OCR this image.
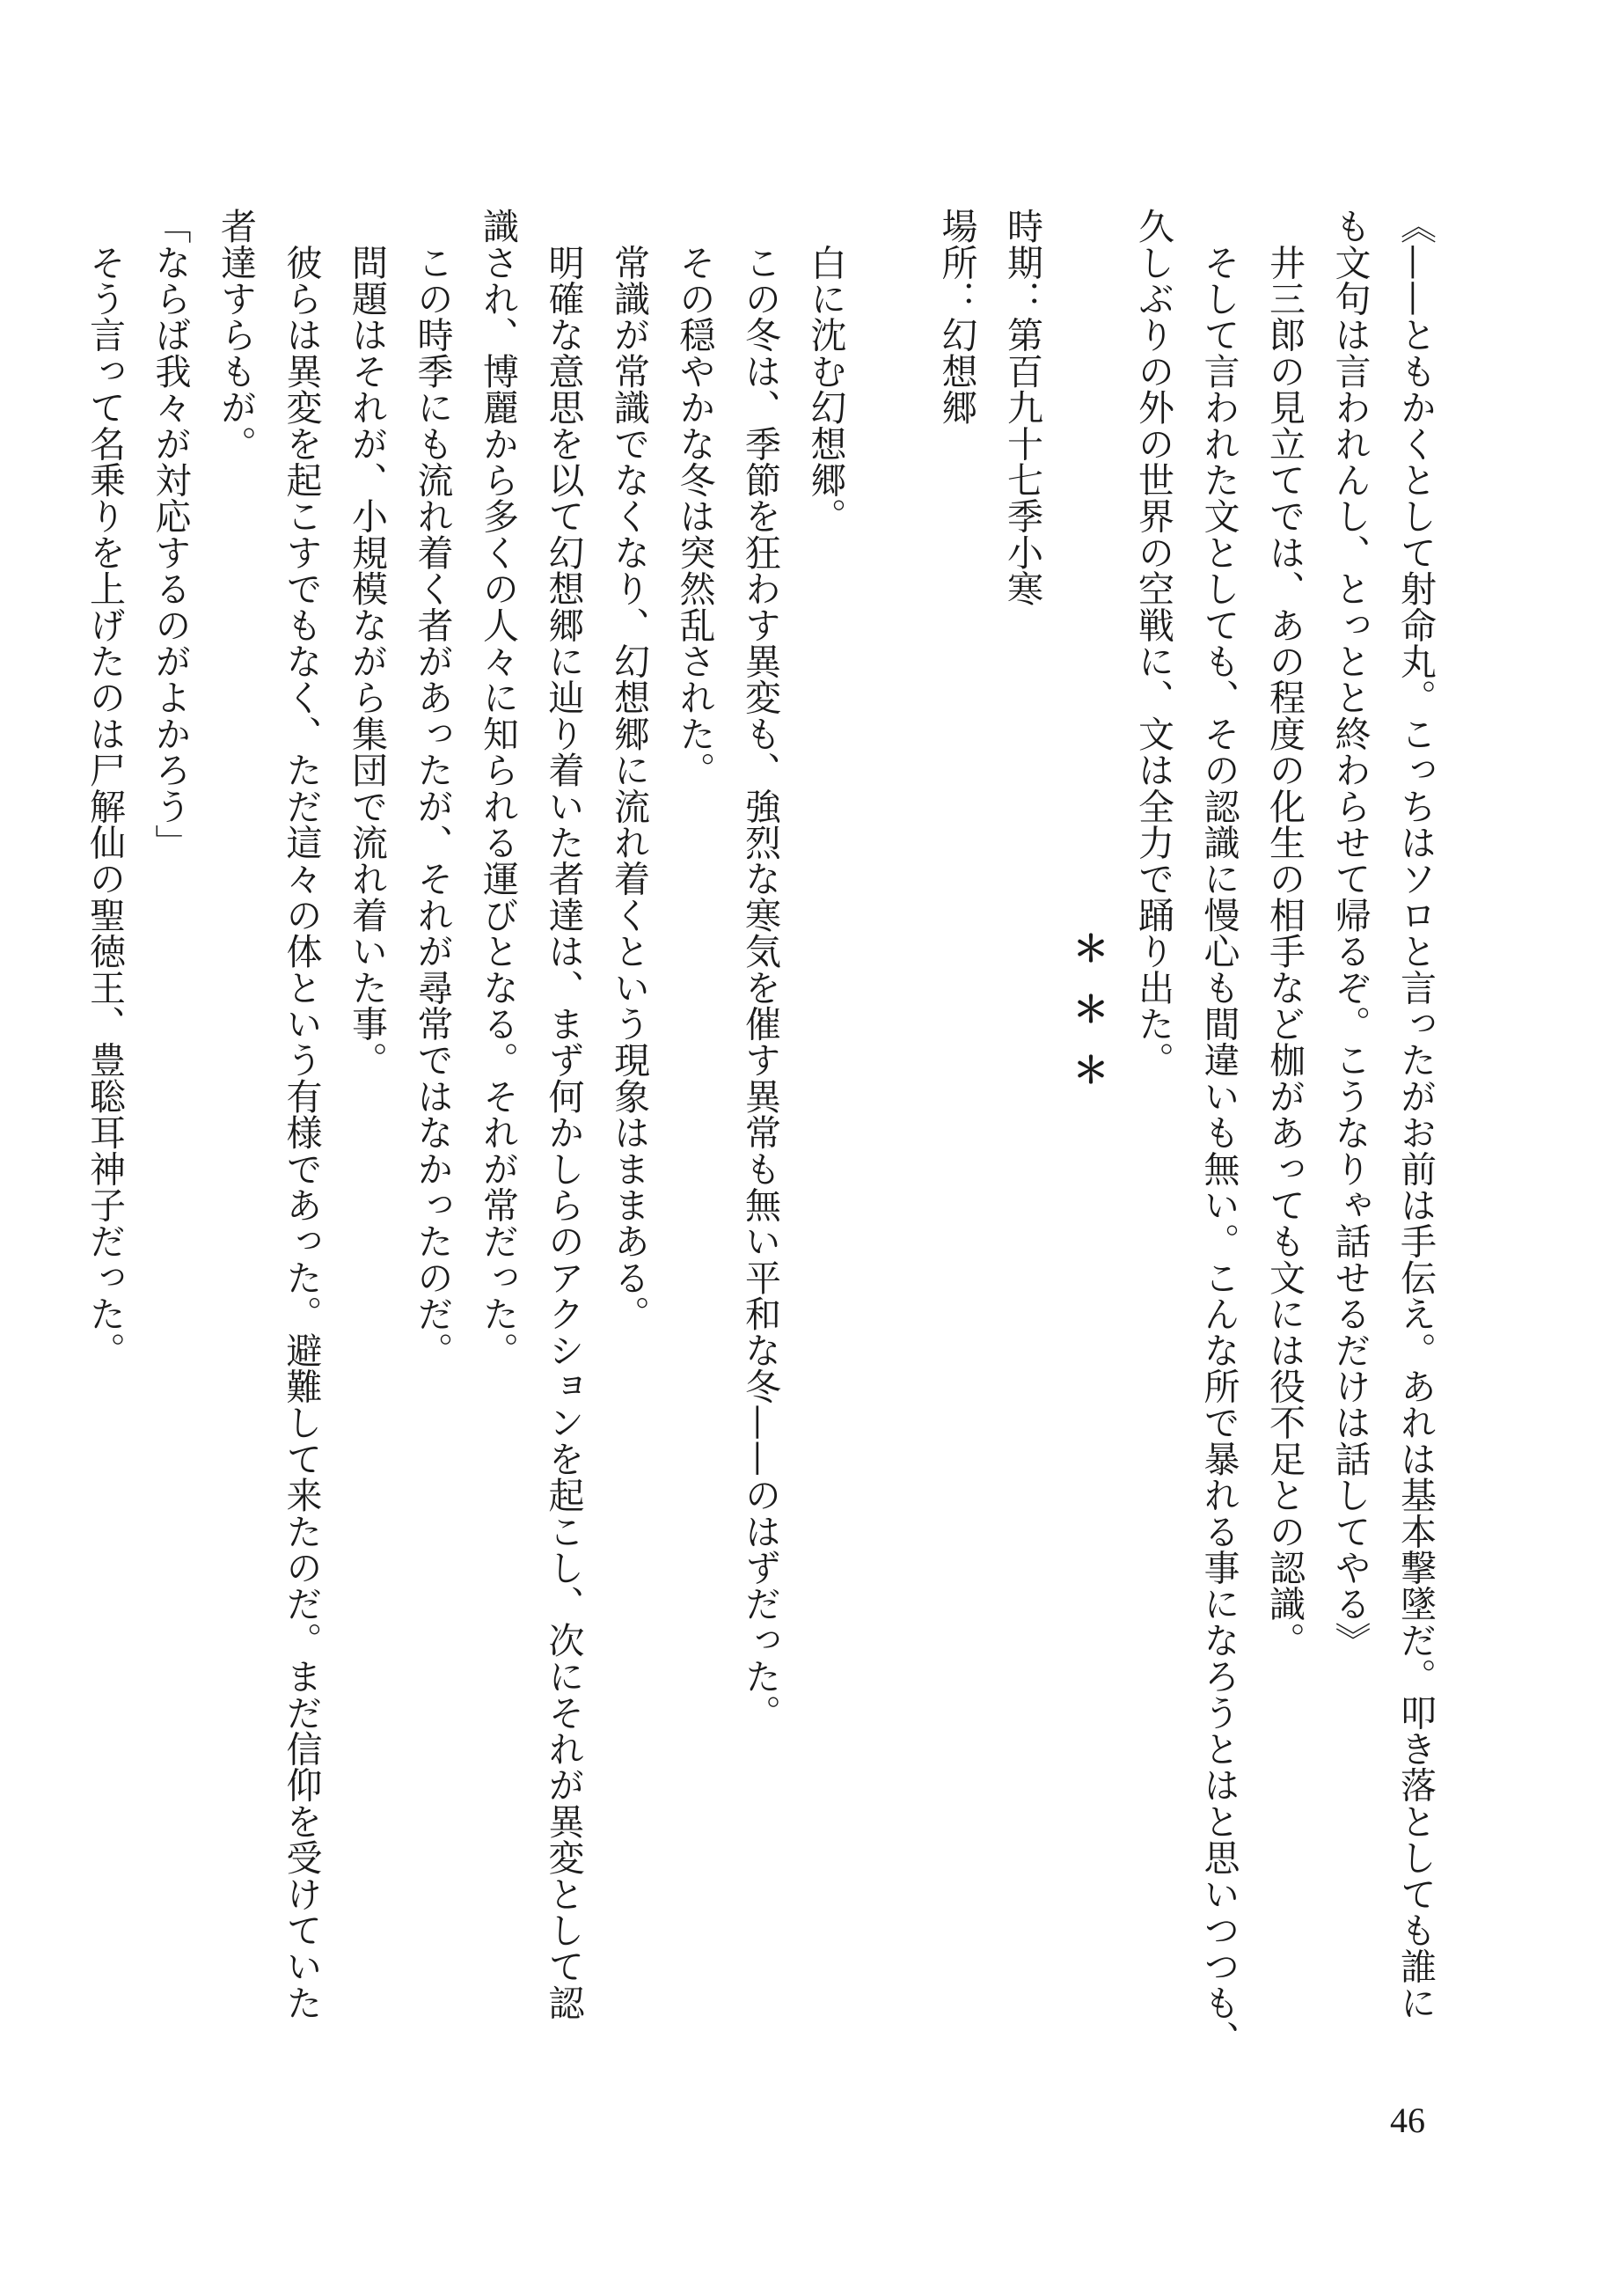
《——ともかくとして射命丸。こっちはソロと言ったがお前は手伝え。あれは基本撃墜だ。叩き落としても誰に
も文句は言われんし、とっとと終わらせて帰るぞ。こうなりゃ話せるだけは話してやる》
　井三郎の見立てでは、あの程度の化生の相手など枷があっても文には役不足との認識。
　そして言われた文としても、その認識に慢心も間違いも無い。こんな所で暴れる事になろうとはと思いつつも、
久しぶりの外の世界の空戦に、文は全力で踊り出た。
＊＊＊
時期：第百九十七季小寒
場所：幻想郷
　白に沈む幻想郷。
　この冬は、季節を狂わす異変も、強烈な寒気を催す異常も無い平和な冬——のはずだった。
　その穏やかな冬は突然乱された。
　常識が常識でなくなり、幻想郷に流れ着くという現象はままある。
　明確な意思を以て幻想郷に辿り着いた者達は、まず何かしらのアクションを起こし、次にそれが異変として認
識され、博麗から多くの人々に知られる運びとなる。それが常だった。
　この時季にも流れ着く者があったが、それが尋常ではなかったのだ。
　問題はそれが、小規模ながら集団で流れ着いた事。
　彼らは異変を起こすでもなく、ただ這々の体という有様であった。避難して来たのだ。まだ信仰を受けていた
者達すらもが。
「ならば我々が対応するのがよかろう」
　そう言って名乗りを上げたのは尸解仙の聖徳王、豊聡耳神子だった。
46
